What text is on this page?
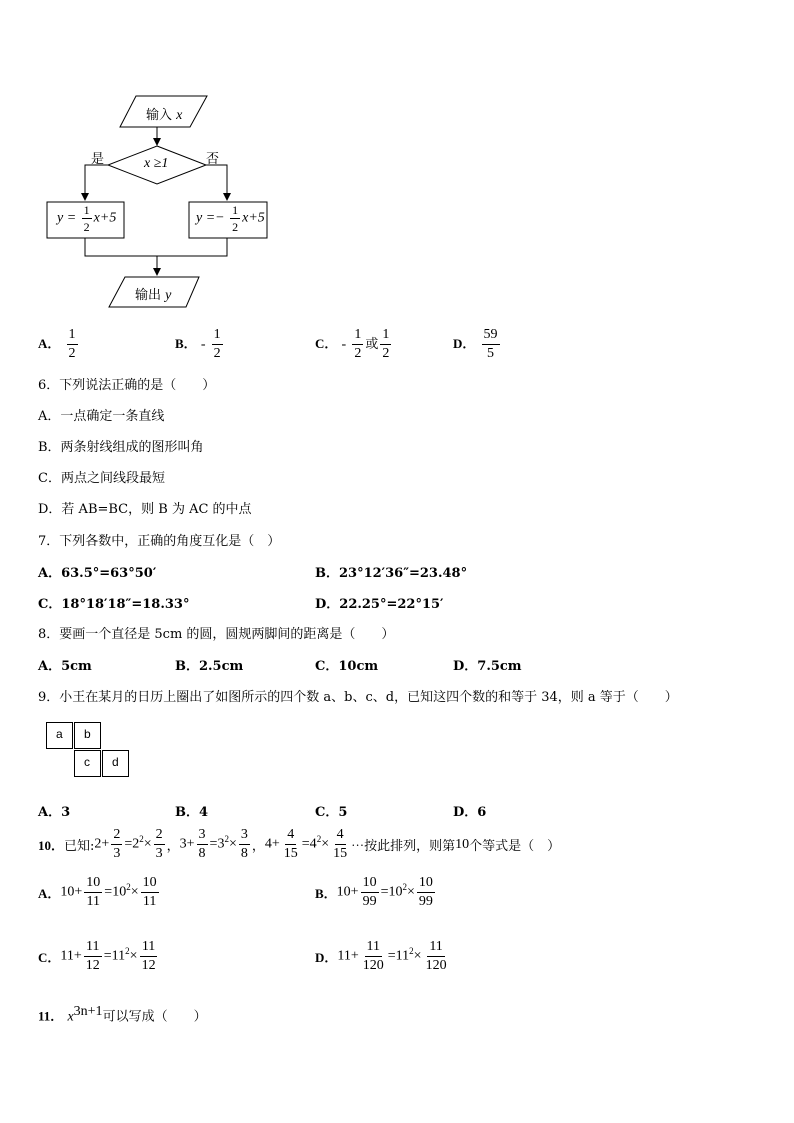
输入 x
x ≥1
是	否
$y = \frac{1}{2} x+5$	$y =- \frac{1}{2} x+5$
输出 y
A． $\frac{1}{2}$	B． - $\frac{1}{2}$	C． - $\frac{1}{2}$ 或 $\frac{1}{2}$	D． $\frac{59}{5}$
6．下列说法正确的是（　　）
A．一点确定一条直线
B．两条射线组成的图形叫角
C．两点之间线段最短
D．若 AB=BC，则 B 为 AC 的中点
7．下列各数中，正确的角度互化是（　）
A．63.5°=63°50′	B．23°12′36″=23.48°
C．18°18′18″=18.33°	D．22.25°=22°15′
8．要画一个直径是 5cm 的圆，圆规两脚间的距离是（　　）
A．5cm	B．2.5cm	C．10cm	D．7.5cm
9．小王在某月的日历上圈出了如图所示的四个数 a、b、c、d，已知这四个数的和等于 34，则 a 等于（　　）
a	b
c	d
A．3	B．4	C．5	D．6
10． 已知: $2+ \frac{2}{3} =2^2\times \frac{2}{3}$ ， $3+ \frac{3}{8} =3^2\times \frac{3}{8}$ ， $4+ \frac{4}{15} =4^2\times \frac{4}{15}$ ⋯按此排列，则第 10 个等式是（　）
A． $10+ \frac{10}{11} =10^2\times \frac{10}{11}$	B． $10+ \frac{10}{99} =10^2\times \frac{10}{99}$
C． $11+ \frac{11}{12} =11^2\times \frac{11}{12}$	D． $11+ \frac{11}{120} =11^2\times \frac{11}{120}$
11． $x^{3n+1}$可以写成（　　）
